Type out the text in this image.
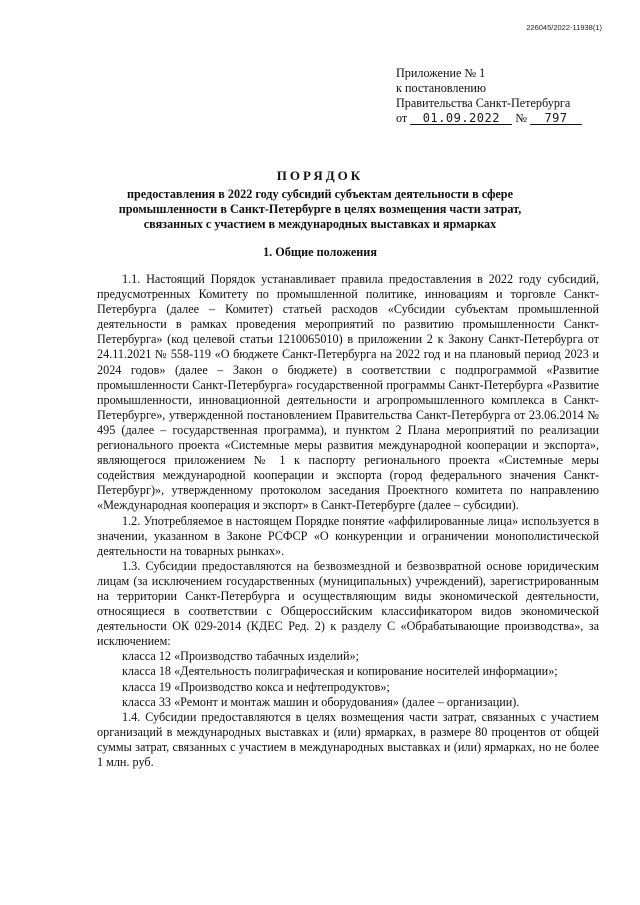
226045/2022-11938(1)
Приложение № 1
к постановлению
Правительства Санкт-Петербурга
от 01.09.2022 № 797
ПОРЯДОК
предоставления в 2022 году субсидий субъектам деятельности в сфере промышленности в Санкт-Петербурге в целях возмещения части затрат, связанных с участием в международных выставках и ярмарках
1. Общие положения

1.1. Настоящий Порядок устанавливает правила предоставления в 2022 году субсидий, предусмотренных Комитету по промышленной политике, инновациям и торговле Санкт-Петербурга (далее – Комитет) статьей расходов «Субсидии субъектам промышленной деятельности в рамках проведения мероприятий по развитию промышленности Санкт-Петербурга» (код целевой статьи 1210065010) в приложении 2 к Закону Санкт-Петербурга от 24.11.2021 № 558-119 «О бюджете Санкт-Петербурга на 2022 год и на плановый период 2023 и 2024 годов» (далее – Закон о бюджете) в соответствии с подпрограммой «Развитие промышленности Санкт-Петербурга» государственной программы Санкт-Петербурга «Развитие промышленности, инновационной деятельности и агропромышленного комплекса в Санкт-Петербурге», утвержденной постановлением Правительства Санкт-Петербурга от 23.06.2014 № 495 (далее – государственная программа), и пунктом 2 Плана мероприятий по реализации регионального проекта «Системные меры развития международной кооперации и экспорта», являющегося приложением № 1 к паспорту регионального проекта «Системные меры содействия международной кооперации и экспорта (город федерального значения Санкт-Петербург)», утвержденному протоколом заседания Проектного комитета по направлению «Международная кооперация и экспорт» в Санкт-Петербурге (далее – субсидии).

1.2. Употребляемое в настоящем Порядке понятие «аффилированные лица» используется в значении, указанном в Законе РСФСР «О конкуренции и ограничении монополистической деятельности на товарных рынках».

1.3. Субсидии предоставляются на безвозмездной и безвозвратной основе юридическим лицам (за исключением государственных (муниципальных) учреждений), зарегистрированным на территории Санкт-Петербурга и осуществляющим виды экономической деятельности, относящиеся в соответствии с Общероссийским классификатором видов экономической деятельности ОК 029-2014 (КДЕС Ред. 2) к разделу С «Обрабатывающие производства», за исключением:

класса 12 «Производство табачных изделий»;

класса 18 «Деятельность полиграфическая и копирование носителей информации»;

класса 19 «Производство кокса и нефтепродуктов»;

класса 33 «Ремонт и монтаж машин и оборудования» (далее – организации).

1.4. Субсидии предоставляются в целях возмещения части затрат, связанных с участием организаций в международных выставках и (или) ярмарках, в размере 80 процентов от общей суммы затрат, связанных с участием в международных выставках и (или) ярмарках, но не более 1 млн. руб.
